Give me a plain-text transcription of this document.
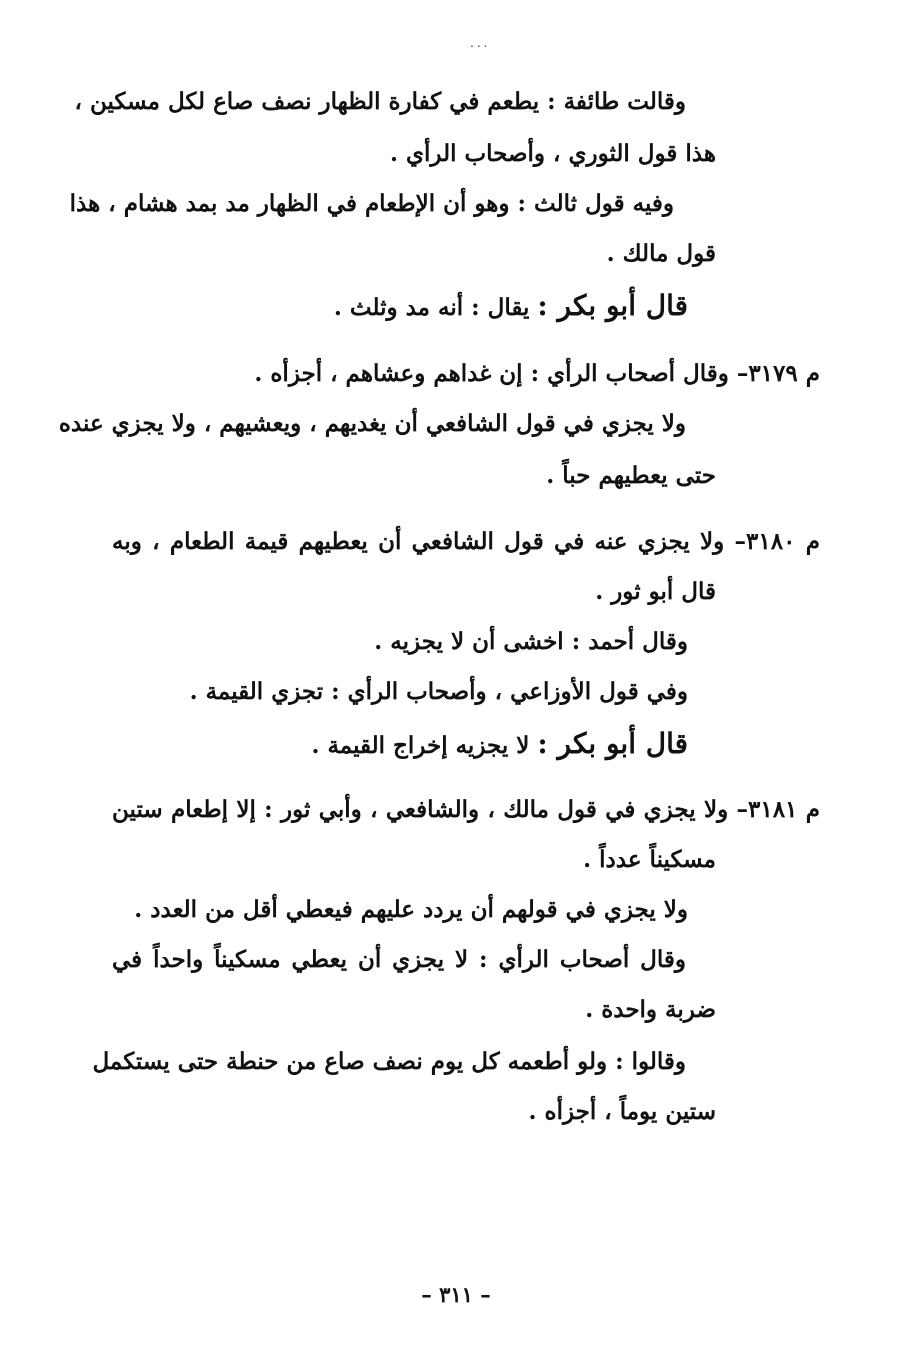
...
وقالت طائفة : يطعم في كفارة الظهار نصف صاع لكل مسكين ،
هذا قول الثوري ، وأصحاب الرأي .
وفيه قول ثالث : وهو أن الإطعام في الظهار مد بمد هشام ، هذا
قول مالك .
قال أبو بكر : يقال : أنه مد وثلث .
م ٣١٧٩– وقال أصحاب الرأي : إن غداهم وعشاهم ، أجزأه .
ولا يجزي في قول الشافعي أن يغديهم ، ويعشيهم ، ولا يجزي عنده
حتى يعطيهم حباً .
م ٣١٨٠– ولا يجزي عنه في قول الشافعي أن يعطيهم قيمة الطعام ، وبه
قال أبو ثور .
وقال أحمد : اخشى أن لا يجزيه .
وفي قول الأوزاعي ، وأصحاب الرأي : تجزي القيمة .
قال أبو بكر : لا يجزيه إخراج القيمة .
م ٣١٨١– ولا يجزي في قول مالك ، والشافعي ، وأبي ثور : إلا إطعام ستين
مسكيناً عدداً .
ولا يجزي في قولهم أن يردد عليهم فيعطي أقل من العدد .
وقال أصحاب الرأي : لا يجزي أن يعطي مسكيناً واحداً في
ضربة واحدة .
وقالوا : ولو أطعمه كل يوم نصف صاع من حنطة حتى يستكمل
ستين يوماً ، أجزأه .
– ٣١١ –
